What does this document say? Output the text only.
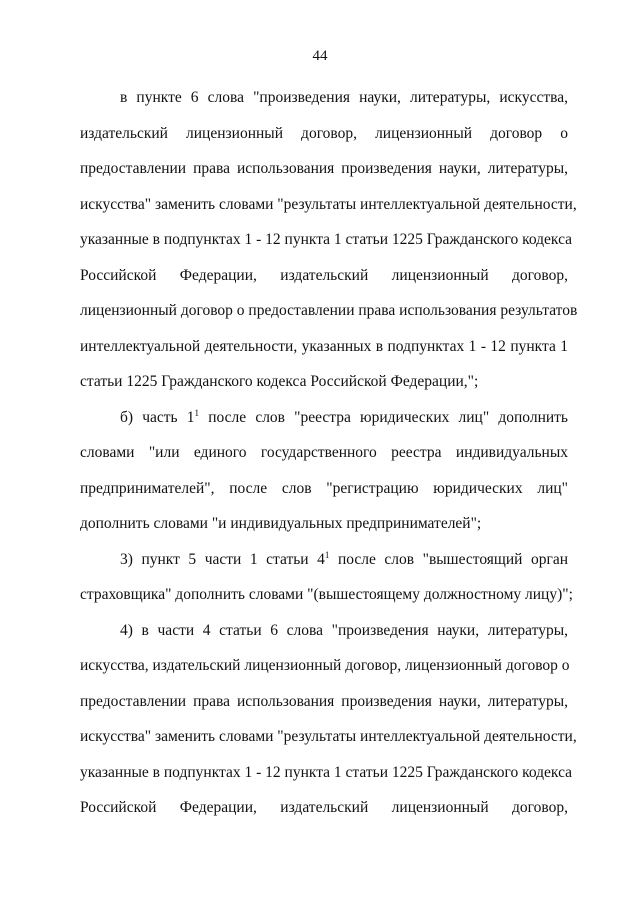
44
в пункте 6 слова "произведения науки, литературы, искусства,
издательский лицензионный договор, лицензионный договор о
предоставлении права использования произведения науки, литературы,
искусства" заменить словами "результаты интеллектуальной деятельности,
указанные в подпунктах 1 - 12 пункта 1 статьи 1225 Гражданского кодекса
Российской Федерации, издательский лицензионный договор,
лицензионный договор о предоставлении права использования результатов
интеллектуальной деятельности, указанных в подпунктах 1 - 12 пункта 1
статьи 1225 Гражданского кодекса Российской Федерации,";
б) часть $1^1$ после слов "реестра юридических лиц" дополнить
словами "или единого государственного реестра индивидуальных
предпринимателей", после слов "регистрацию юридических лиц"
дополнить словами "и индивидуальных предпринимателей";
3) пункт 5 части 1 статьи $4^1$ после слов "вышестоящий орган
страховщика" дополнить словами "(вышестоящему должностному лицу)";
4) в части 4 статьи 6 слова "произведения науки, литературы,
искусства, издательский лицензионный договор, лицензионный договор о
предоставлении права использования произведения науки, литературы,
искусства" заменить словами "результаты интеллектуальной деятельности,
указанные в подпунктах 1 - 12 пункта 1 статьи 1225 Гражданского кодекса
Российской Федерации, издательский лицензионный договор,
